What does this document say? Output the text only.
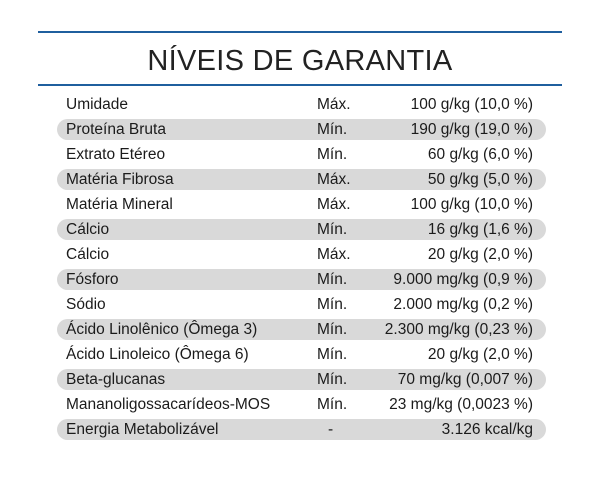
NÍVEIS DE GARANTIA
Umidade	Máx.	100 g/kg (10,0 %)
Proteína Bruta	Mín.	190 g/kg (19,0 %)
Extrato Etéreo	Mín.	60 g/kg (6,0 %)
Matéria Fibrosa	Máx.	50 g/kg (5,0 %)
Matéria Mineral	Máx.	100 g/kg (10,0 %)
Cálcio	Mín.	16 g/kg (1,6 %)
Cálcio	Máx.	20 g/kg (2,0 %)
Fósforo	Mín.	9.000 mg/kg (0,9 %)
Sódio	Mín.	2.000 mg/kg (0,2 %)
Ácido Linolênico (Ômega 3)	Mín. 2.300 mg/kg (0,23 %)
Ácido Linoleico (Ômega 6)	Mín.	20 g/kg (2,0 %)
Beta-glucanas	Mín.	70 mg/kg (0,007 %)
Mananoligossacarídeos-MOS	Mín.	23 mg/kg (0,0023 %)
Energia Metabolizável	-	3.126 kcal/kg
